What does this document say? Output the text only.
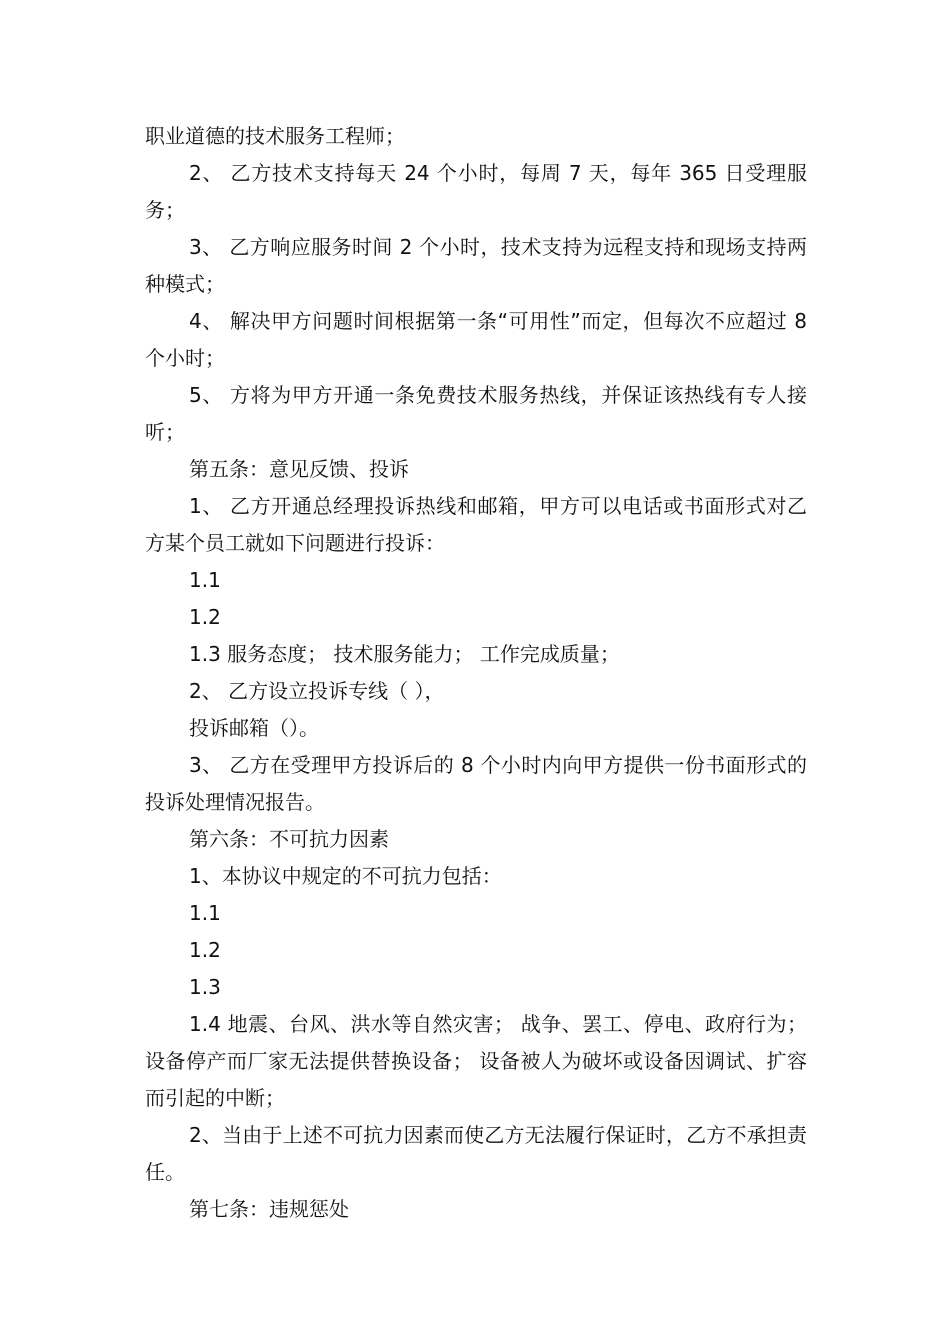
职业道德的技术服务工程师；

2、 乙方技术支持每天 24 个小时，每周 7 天，每年 365 日受理服务；

3、 乙方响应服务时间 2 个小时，技术支持为远程支持和现场支持两种模式；

4、 解决甲方问题时间根据第一条“可用性”而定，但每次不应超过 8 个小时；

5、 方将为甲方开通一条免费技术服务热线，并保证该热线有专人接听；

第五条：意见反馈、投诉

1、 乙方开通总经理投诉热线和邮箱，甲方可以电话或书面形式对乙方某个员工就如下问题进行投诉：

1.1

1.2

1.3 服务态度； 技术服务能力； 工作完成质量；

2、 乙方设立投诉专线（ ），

投诉邮箱（）。

3、 乙方在受理甲方投诉后的 8 个小时内向甲方提供一份书面形式的投诉处理情况报告。

第六条：不可抗力因素

1、本协议中规定的不可抗力包括：

1.1

1.2

1.3

1.4 地震、台风、洪水等自然灾害； 战争、罢工、停电、政府行为； 设备停产而厂家无法提供替换设备； 设备被人为破坏或设备因调试、扩容而引起的中断；

2、当由于上述不可抗力因素而使乙方无法履行保证时，乙方不承担责任。

第七条：违规惩处
